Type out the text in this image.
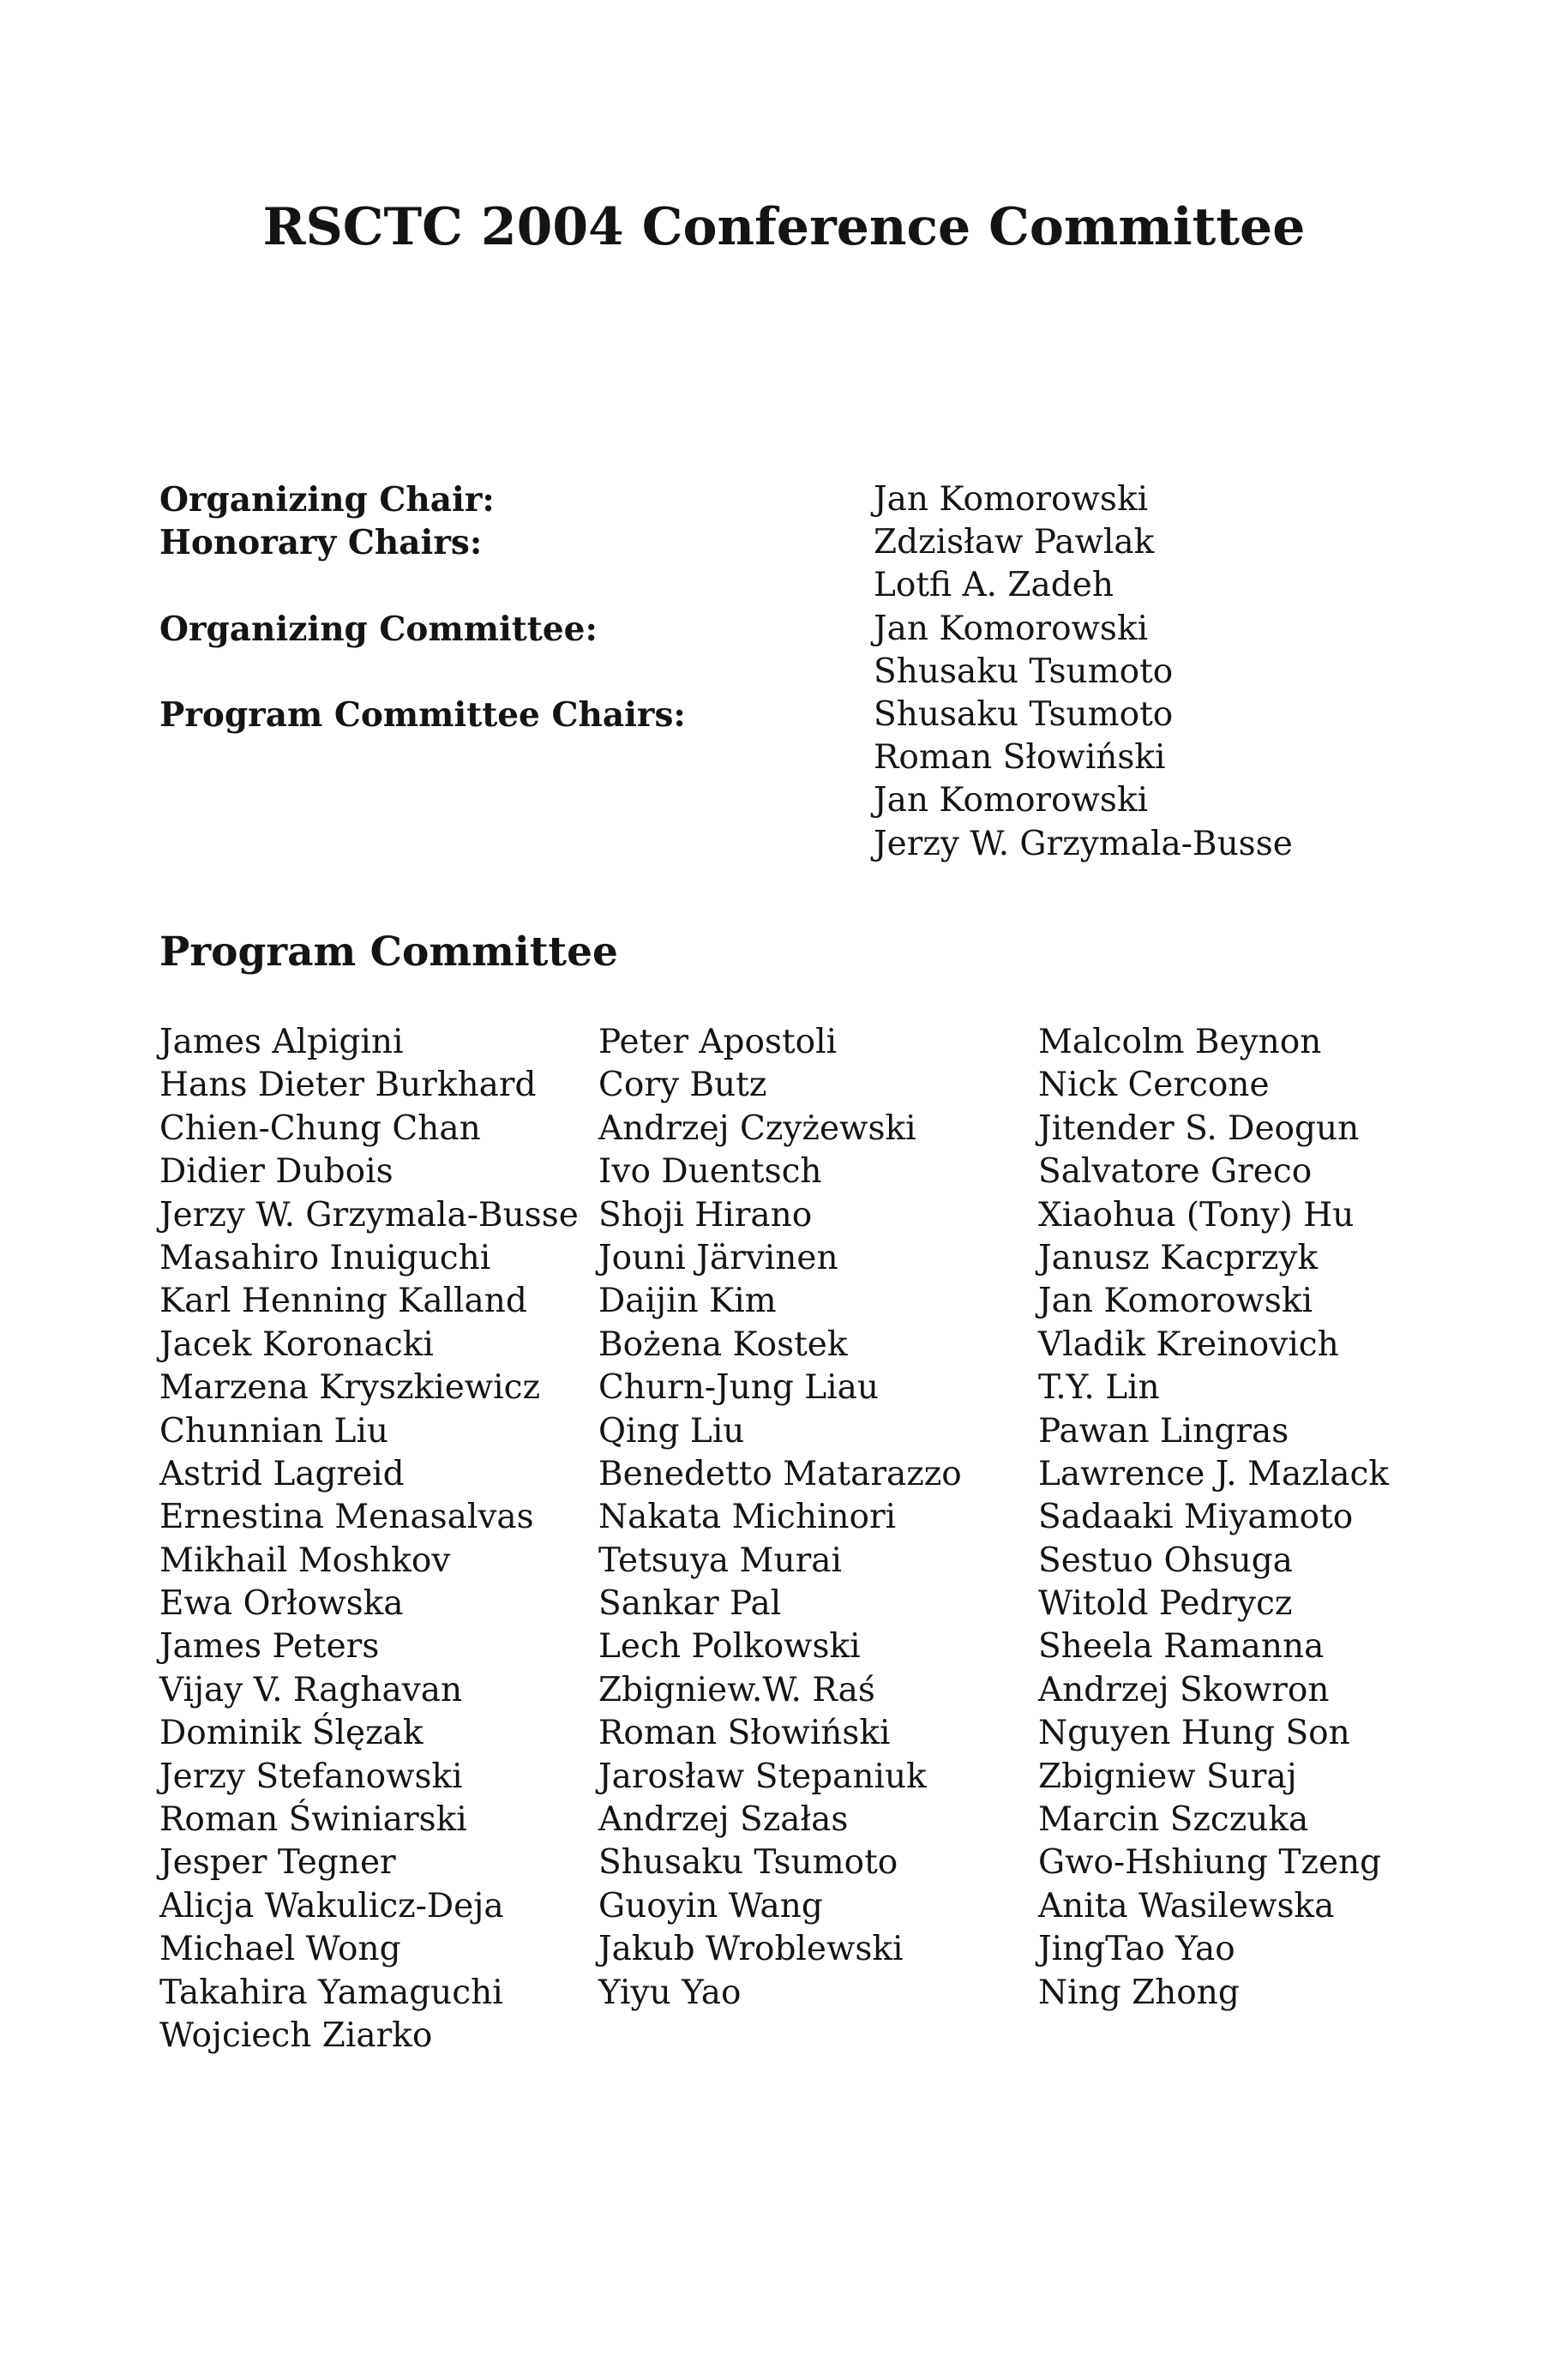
RSCTC 2004 Conference Committee
Organizing Chair:
Honorary Chairs:
Organizing Committee:
Program Committee Chairs:
Jan Komorowski
Zdzisław Pawlak
Lotfi A. Zadeh
Jan Komorowski
Shusaku Tsumoto
Shusaku Tsumoto
Roman Słowiński
Jan Komorowski
Jerzy W. Grzymala-Busse
Program Committee
James Alpigini
Hans Dieter Burkhard
Chien-Chung Chan
Didier Dubois
Jerzy W. Grzymala-Busse
Masahiro Inuiguchi
Karl Henning Kalland
Jacek Koronacki
Marzena Kryszkiewicz
Chunnian Liu
Astrid Lagreid
Ernestina Menasalvas
Mikhail Moshkov
Ewa Orłowska
James Peters
Vijay V. Raghavan
Dominik Ślęzak
Jerzy Stefanowski
Roman Świniarski
Jesper Tegner
Alicja Wakulicz-Deja
Michael Wong
Takahira Yamaguchi
Wojciech Ziarko
Peter Apostoli
Cory Butz
Andrzej Czyżewski
Ivo Duentsch
Shoji Hirano
Jouni Järvinen
Daijin Kim
Bożena Kostek
Churn-Jung Liau
Qing Liu
Benedetto Matarazzo
Nakata Michinori
Tetsuya Murai
Sankar Pal
Lech Polkowski
Zbigniew.W. Raś
Roman Słowiński
Jarosław Stepaniuk
Andrzej Szałas
Shusaku Tsumoto
Guoyin Wang
Jakub Wroblewski
Yiyu Yao
Malcolm Beynon
Nick Cercone
Jitender S. Deogun
Salvatore Greco
Xiaohua (Tony) Hu
Janusz Kacprzyk
Jan Komorowski
Vladik Kreinovich
T.Y. Lin
Pawan Lingras
Lawrence J. Mazlack
Sadaaki Miyamoto
Sestuo Ohsuga
Witold Pedrycz
Sheela Ramanna
Andrzej Skowron
Nguyen Hung Son
Zbigniew Suraj
Marcin Szczuka
Gwo-Hshiung Tzeng
Anita Wasilewska
JingTao Yao
Ning Zhong
